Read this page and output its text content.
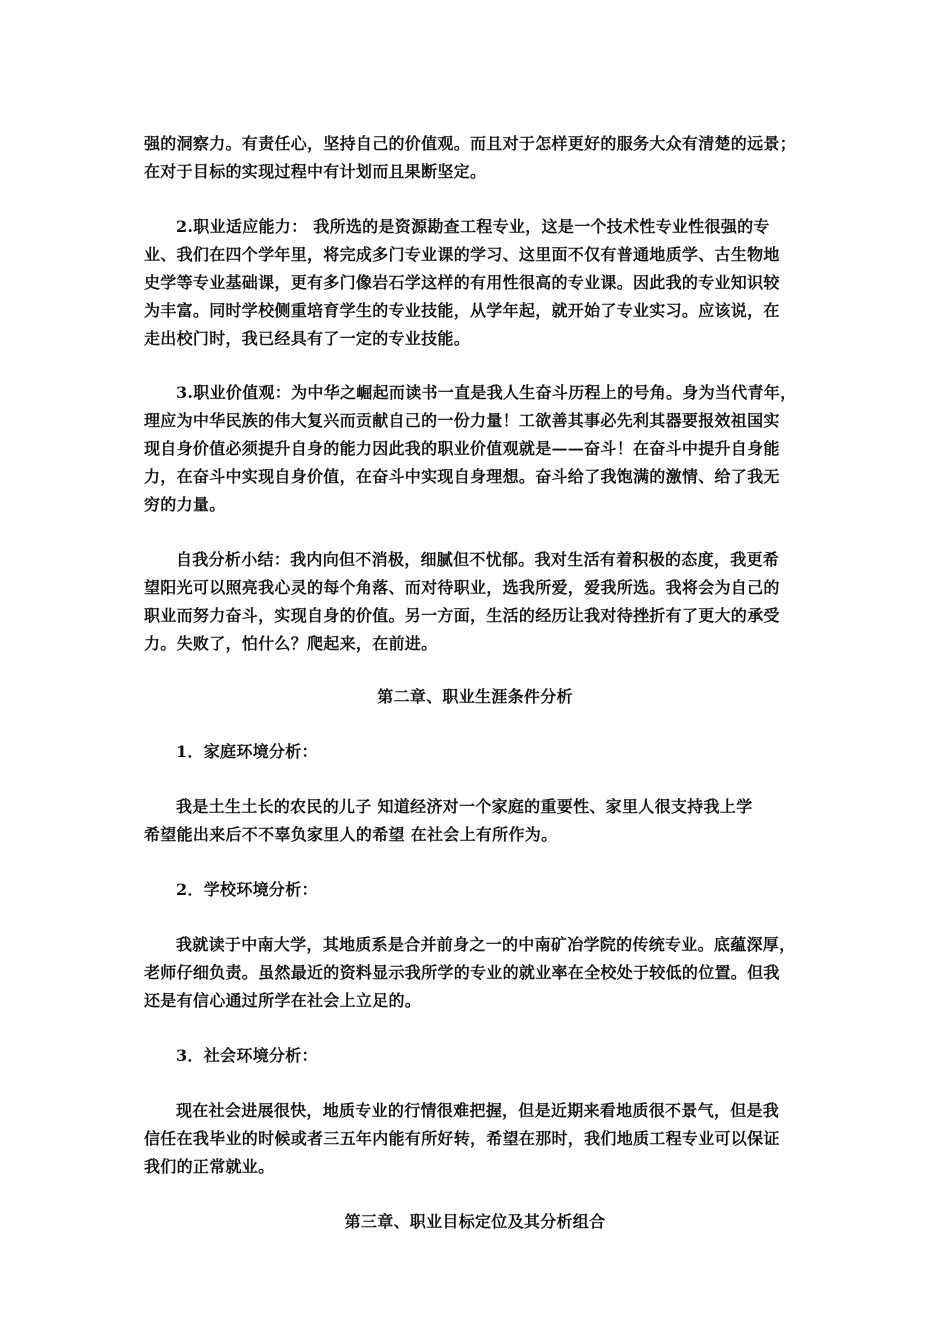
强的洞察力。有责任心，坚持自己的价值观。而且对于怎样更好的服务大众有清楚的远景；
在对于目标的实现过程中有计划而且果断坚定。
2.职业适应能力： 我所选的是资源勘查工程专业，这是一个技术性专业性很强的专
业、我们在四个学年里，将完成多门专业课的学习、这里面不仅有普通地质学、古生物地
史学等专业基础课，更有多门像岩石学这样的有用性很高的专业课。因此我的专业知识较
为丰富。同时学校侧重培育学生的专业技能，从学年起，就开始了专业实习。应该说，在
走出校门时，我已经具有了一定的专业技能。
3.职业价值观：为中华之崛起而读书一直是我人生奋斗历程上的号角。身为当代青年，
理应为中华民族的伟大复兴而贡献自己的一份力量！工欲善其事必先利其器要报效祖国实
现自身价值必须提升自身的能力因此我的职业价值观就是——奋斗！在奋斗中提升自身能
力，在奋斗中实现自身价值，在奋斗中实现自身理想。奋斗给了我饱满的激情、给了我无
穷的力量。
自我分析小结：我内向但不消极，细腻但不忧郁。我对生活有着积极的态度，我更希
望阳光可以照亮我心灵的每个角落、而对待职业，选我所爱，爱我所选。我将会为自己的
职业而努力奋斗，实现自身的价值。另一方面，生活的经历让我对待挫折有了更大的承受
力。失败了，怕什么？爬起来，在前进。
第二章、职业生涯条件分析
1．家庭环境分析：
我是土生土长的农民的儿子 知道经济对一个家庭的重要性、家里人很支持我上学
希望能出来后不不辜负家里人的希望 在社会上有所作为。
2．学校环境分析：
我就读于中南大学，其地质系是合并前身之一的中南矿冶学院的传统专业。底蕴深厚，
老师仔细负责。虽然最近的资料显示我所学的专业的就业率在全校处于较低的位置。但我
还是有信心通过所学在社会上立足的。
3．社会环境分析：
现在社会进展很快，地质专业的行情很难把握，但是近期来看地质很不景气，但是我
信任在我毕业的时候或者三五年内能有所好转，希望在那时，我们地质工程专业可以保证
我们的正常就业。
第三章、职业目标定位及其分析组合
